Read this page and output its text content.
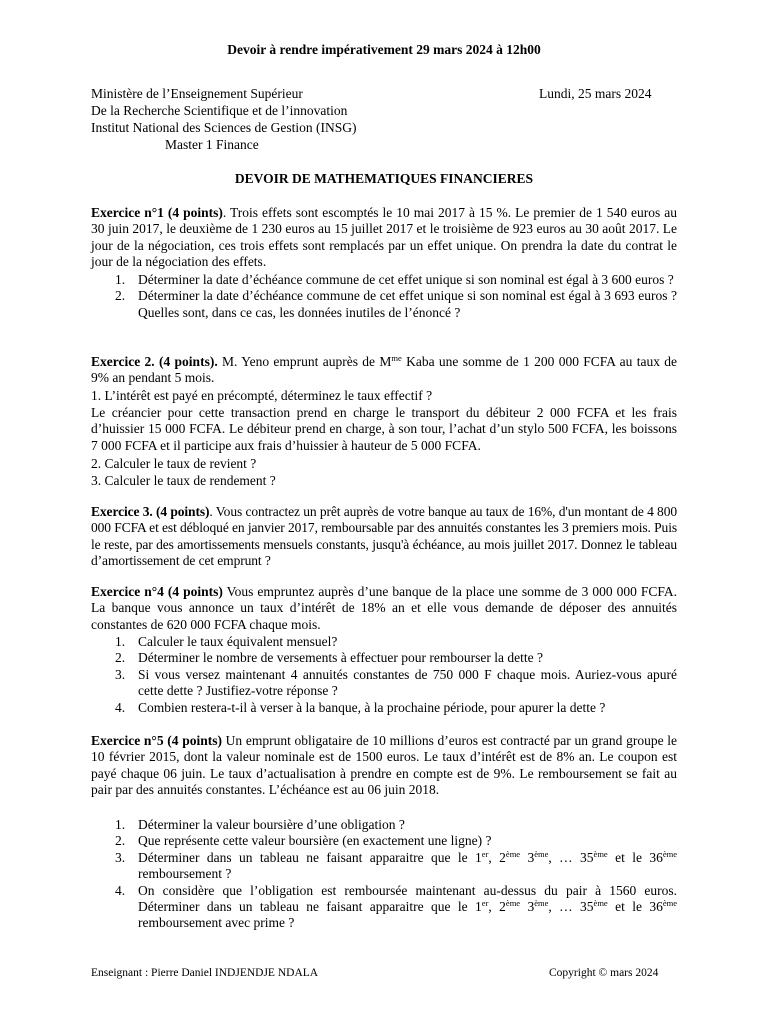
Devoir à rendre impérativement 29 mars 2024 à 12h00
Ministère de l’Enseignement Supérieur	Lundi, 25 mars 2024
De la Recherche Scientifique et de l’innovation
Institut National des Sciences de Gestion (INSG)
Master 1 Finance
DEVOIR DE MATHEMATIQUES FINANCIERES
Exercice n°1 (4 points). Trois effets sont escomptés le 10 mai 2017 à 15 %. Le premier de 1 540 euros au 30 juin 2017, le deuxième de 1 230 euros au 15 juillet 2017 et le troisième de 923 euros au 30 août 2017. Le jour de la négociation, ces trois effets sont remplacés par un effet unique. On prendra la date du contrat le jour de la négociation des effets.
1. Déterminer la date d’échéance commune de cet effet unique si son nominal est égal à 3 600 euros ?
2. Déterminer la date d’échéance commune de cet effet unique si son nominal est égal à 3 693 euros ? Quelles sont, dans ce cas, les données inutiles de l’énoncé ?
Exercice 2. (4 points). M. Yeno emprunt auprès de $M^{me}$ Kaba une somme de 1 200 000 FCFA au taux de 9% an pendant 5 mois.
1. L’intérêt est payé en précompté, déterminez le taux effectif ?
Le créancier pour cette transaction prend en charge le transport du débiteur 2 000 FCFA et les frais d’huissier 15 000 FCFA. Le débiteur prend en charge, à son tour, l’achat d’un stylo 500 FCFA, les boissons 7 000 FCFA et il participe aux frais d’huissier à hauteur de 5 000 FCFA.
2. Calculer le taux de revient ?
3. Calculer le taux de rendement ?
Exercice 3. (4 points). Vous contractez un prêt auprès de votre banque au taux de 16%, d'un montant de 4 800 000 FCFA et est débloqué en janvier 2017, remboursable par des annuités constantes les 3 premiers mois. Puis le reste, par des amortissements mensuels constants, jusqu'à échéance, au mois juillet 2017. Donnez le tableau d’amortissement de cet emprunt ?
Exercice n°4 (4 points) Vous empruntez auprès d’une banque de la place une somme de 3 000 000 FCFA. La banque vous annonce un taux d’intérêt de 18% an et elle vous demande de déposer des annuités constantes de 620 000 FCFA chaque mois.
1. Calculer le taux équivalent mensuel?
2. Déterminer le nombre de versements à effectuer pour rembourser la dette ?
3. Si vous versez maintenant 4 annuités constantes de 750 000 F chaque mois. Auriez-vous apuré cette dette ? Justifiez-votre réponse ?
4. Combien restera-t-il à verser à la banque, à la prochaine période, pour apurer la dette ?
Exercice n°5 (4 points) Un emprunt obligataire de 10 millions d’euros est contracté par un grand groupe le 10 février 2015, dont la valeur nominale est de 1500 euros. Le taux d’intérêt est de 8% an. Le coupon est payé chaque 06 juin. Le taux d’actualisation à prendre en compte est de 9%. Le remboursement se fait au pair par des annuités constantes. L’échéance est au 06 juin 2018.
1. Déterminer la valeur boursière d’une obligation ?
2. Que représente cette valeur boursière (en exactement une ligne) ?
3. Déterminer dans un tableau ne faisant apparaitre que le 1er, 2ème 3ème, … 35ème et le 36ème remboursement ?
4. On considère que l’obligation est remboursée maintenant au-dessus du pair à 1560 euros. Déterminer dans un tableau ne faisant apparaitre que le 1er, 2ème 3ème, … 35ème et le 36ème remboursement avec prime ?
Enseignant : Pierre Daniel INDJENDJE NDALA	Copyright © mars 2024
